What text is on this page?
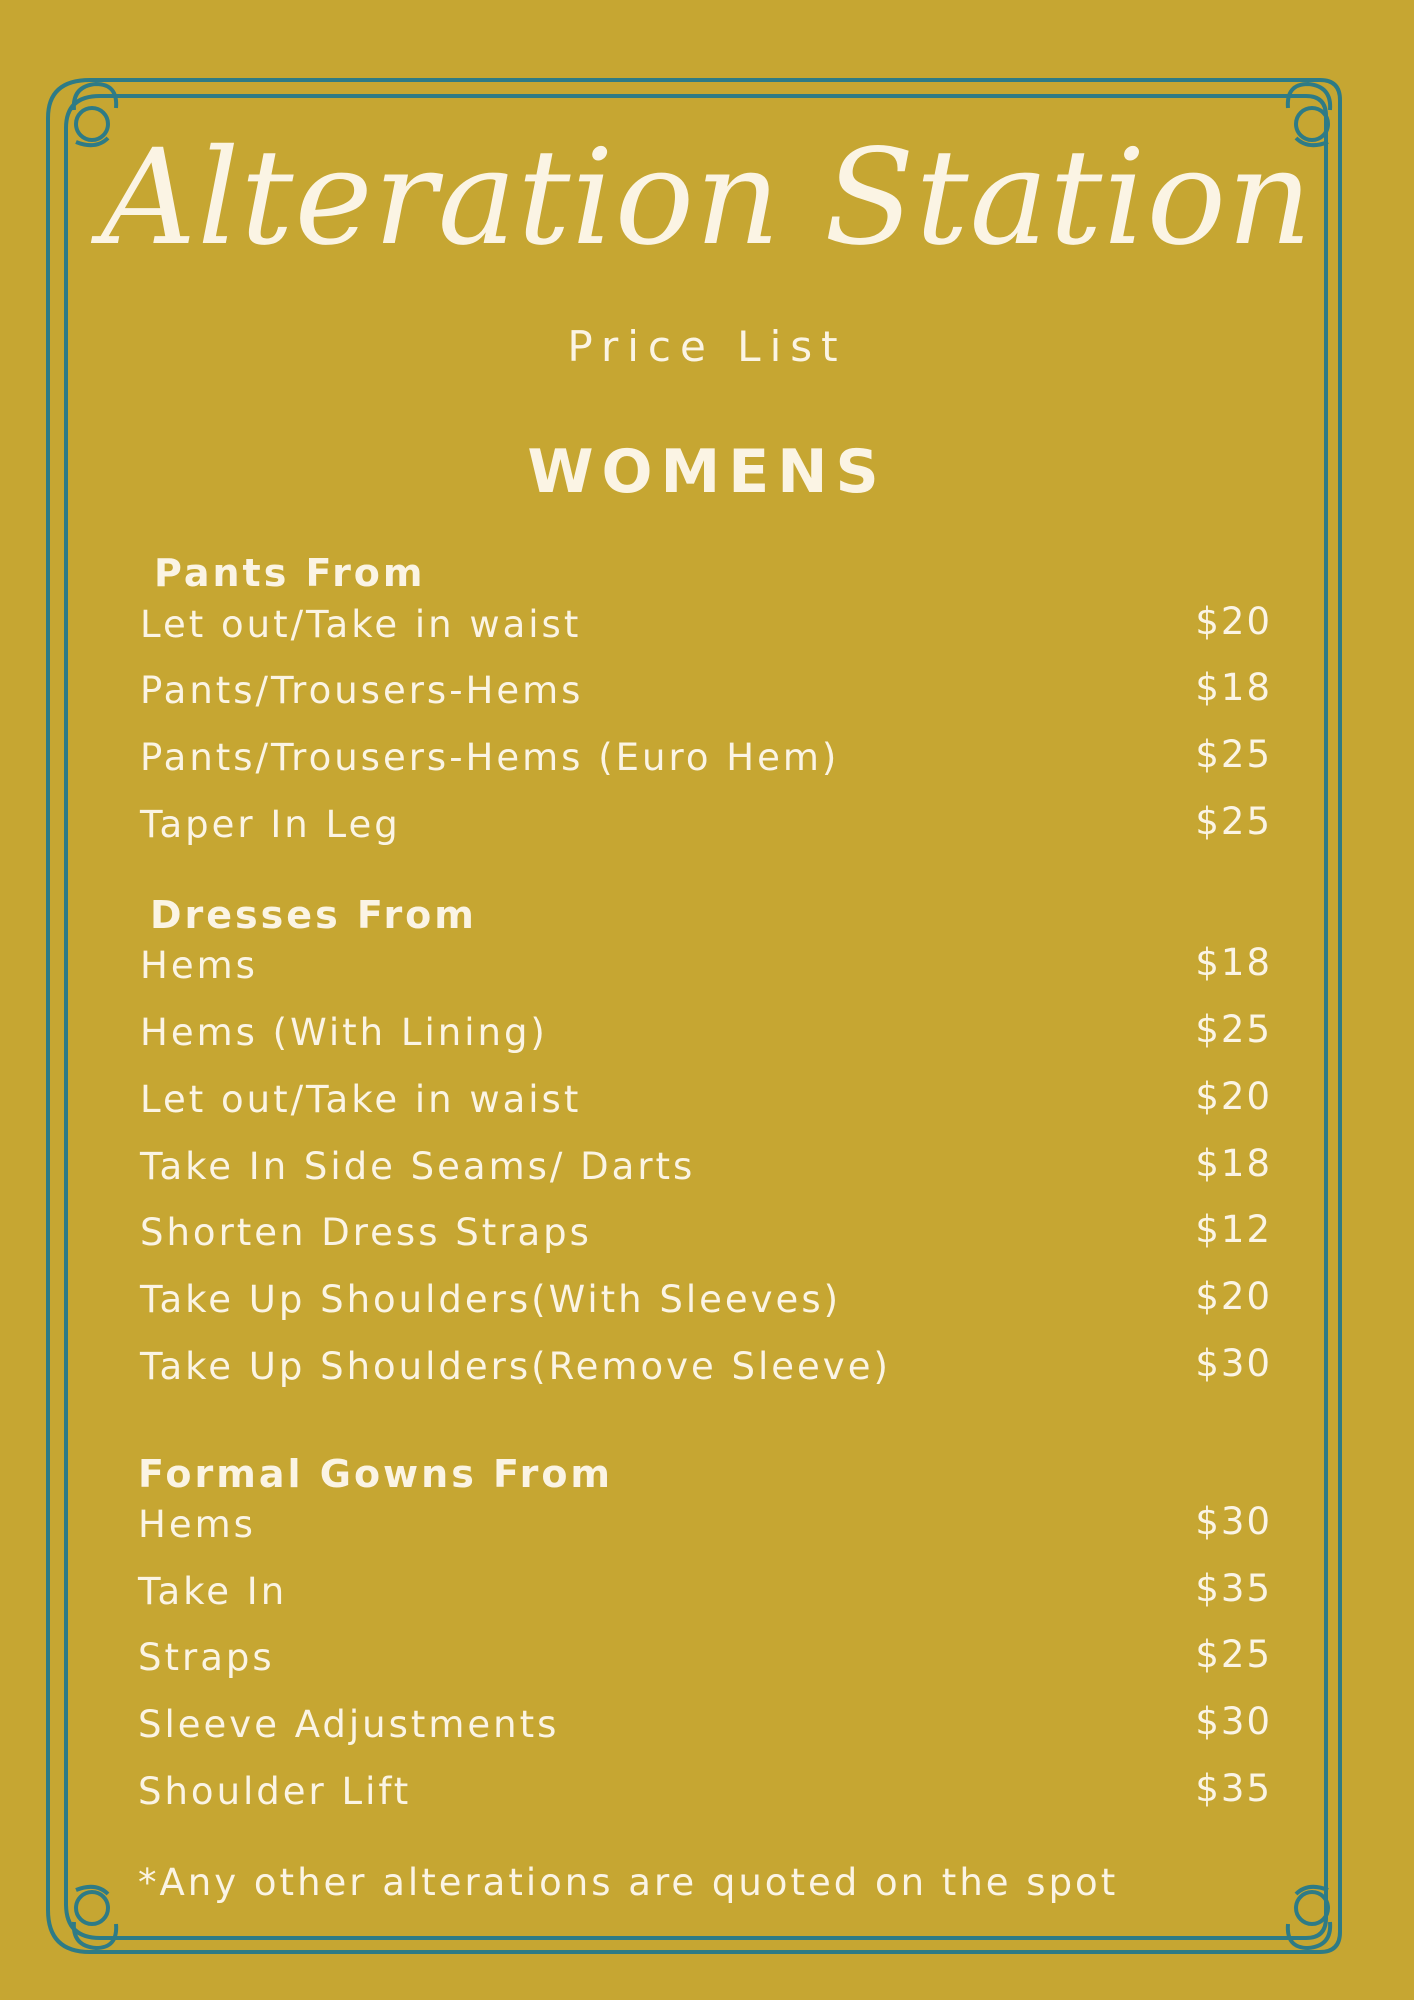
Alteration Station
Price List
WOMENS
Pants From
Let out/Take in waist	$20
Pants/Trousers-Hems	$18
Pants/Trousers-Hems (Euro Hem)	$25
Taper In Leg	$25
Dresses From
Hems	$18
Hems (With Lining)	$25
Let out/Take in waist	$20
Take In Side Seams/ Darts	$18
Shorten Dress Straps	$12
Take Up Shoulders(With Sleeves)	$20
Take Up Shoulders(Remove Sleeve)	$30
Formal Gowns From
Hems	$30
Take In	$35
Straps	$25
Sleeve Adjustments	$30
Shoulder Lift	$35
*Any other alterations are quoted on the spot
